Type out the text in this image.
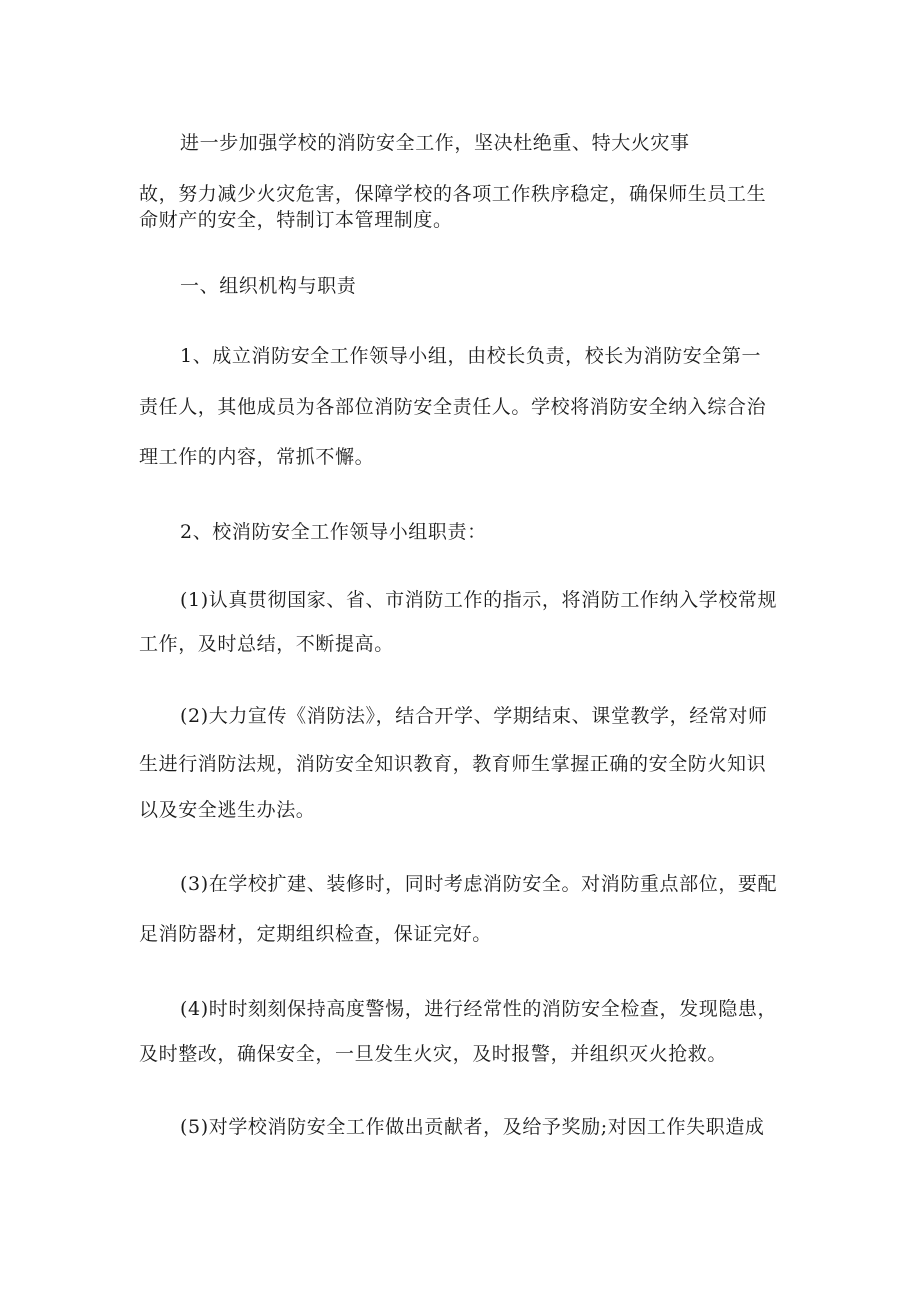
进一步加强学校的消防安全工作，坚决杜绝重、特大火灾事
故，努力减少火灾危害，保障学校的各项工作秩序稳定，确保师生员工生
命财产的安全，特制订本管理制度。
一、组织机构与职责
1、成立消防安全工作领导小组，由校长负责，校长为消防安全第一
责任人，其他成员为各部位消防安全责任人。学校将消防安全纳入综合治
理工作的内容，常抓不懈。
2、校消防安全工作领导小组职责：
(1)认真贯彻国家、省、市消防工作的指示，将消防工作纳入学校常规
工作，及时总结，不断提高。
(2)大力宣传《消防法》，结合开学、学期结束、课堂教学，经常对师
生进行消防法规，消防安全知识教育，教育师生掌握正确的安全防火知识
以及安全逃生办法。
(3)在学校扩建、装修时，同时考虑消防安全。对消防重点部位，要配
足消防器材，定期组织检查，保证完好。
(4)时时刻刻保持高度警惕，进行经常性的消防安全检查，发现隐患，
及时整改，确保安全，一旦发生火灾，及时报警，并组织灭火抢救。
(5)对学校消防安全工作做出贡献者，及给予奖励;对因工作失职造成
